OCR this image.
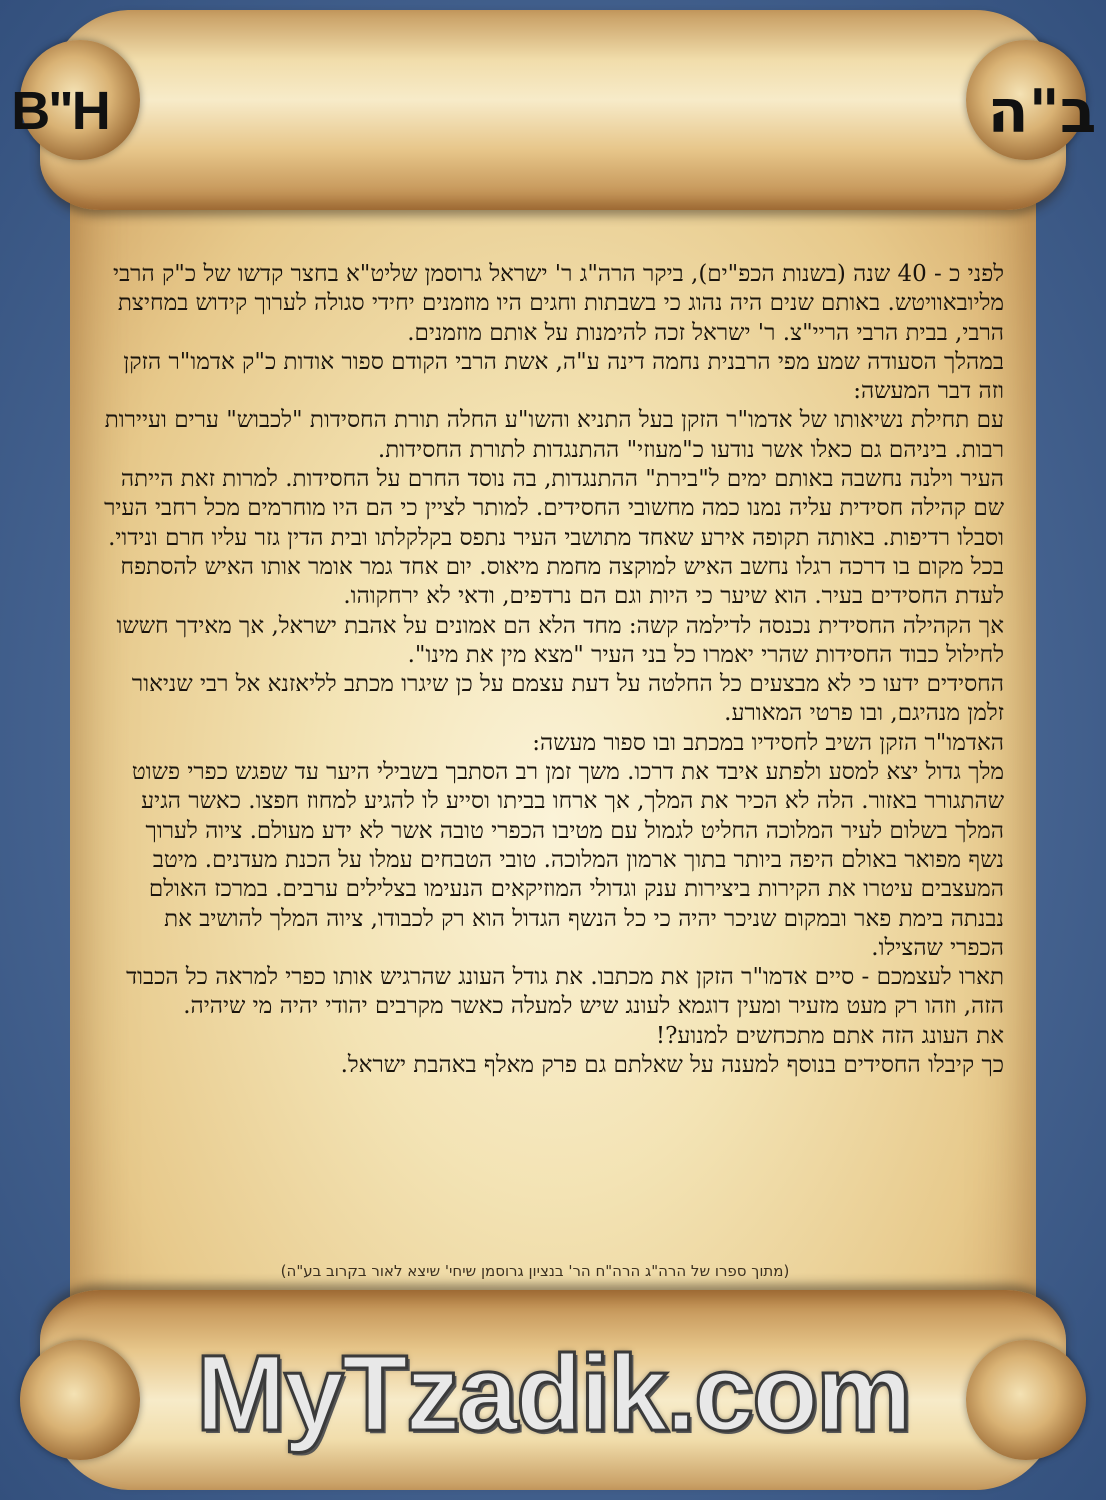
B"H	ב"ה

לפני כ - 40 שנה (בשנות הכפ"ים), ביקר הרה"ג ר' ישראל גרוסמן שליט"א בחצר קדשו של כ"ק הרבי מליובאוויטש. באותם שנים היה נהוג כי בשבתות וחגים היו מוזמנים יחידי סגולה לערוך קידוש במחיצת הרבי, בבית הרבי הריי"צ. ר' ישראל זכה להימנות על אותם מוזמנים.

במהלך הסעודה שמע מפי הרבנית נחמה דינה ע"ה, אשת הרבי הקודם ספור אודות כ"ק אדמו"ר הזקן וזה דבר המעשה:

עם תחילת נשיאותו של אדמו"ר הזקן בעל התניא והשו"ע החלה תורת החסידות "לכבוש" ערים ועיירות רבות. ביניהם גם כאלו אשר נודעו כ"מעוזי" ההתנגדות לתורת החסידות.

העיר וילנה נחשבה באותם ימים ל"בירת" ההתנגדות, בה נוסד החרם על החסידות. למרות זאת הייתה שם קהילה חסידית עליה נמנו כמה מחשובי החסידים. למותר לציין כי הם היו מוחרמים מכל רחבי העיר וסבלו רדיפות. באותה תקופה אירע שאחד מתושבי העיר נתפס בקלקלתו ובית הדין גזר עליו חרם ונידוי. בכל מקום בו דרכה רגלו נחשב האיש למוקצה מחמת מיאוס. יום אחד גמר אומר אותו האיש להסתפח לעדת החסידים בעיר. הוא שיער כי היות וגם הם נרדפים, ודאי לא ירחקוהו.

אך הקהילה החסידית נכנסה לדילמה קשה: מחד הלא הם אמונים על אהבת ישראל, אך מאידך חששו לחילול כבוד החסידות שהרי יאמרו כל בני העיר "מצא מין את מינו".

החסידים ידעו כי לא מבצעים כל החלטה על דעת עצמם על כן שיגרו מכתב לליאזנא אל רבי שניאור זלמן מנהיגם, ובו פרטי המאורע.

האדמו"ר הזקן השיב לחסידיו במכתב ובו ספור מעשה:

מלך גדול יצא למסע ולפתע איבד את דרכו. משך זמן רב הסתבך בשבילי היער עד שפגש כפרי פשוט שהתגורר באזור. הלה לא הכיר את המלך, אך ארחו בביתו וסייע לו להגיע למחוז חפצו. כאשר הגיע המלך בשלום לעיר המלוכה החליט לגמול עם מטיבו הכפרי טובה אשר לא ידע מעולם. ציוה לערוך נשף מפואר באולם היפה ביותר בתוך ארמון המלוכה. טובי הטבחים עמלו על הכנת מעדנים. מיטב המעצבים עיטרו את הקירות ביצירות ענק וגדולי המוזיקאים הנעימו בצלילים ערבים. במרכז האולם נבנתה בימת פאר ובמקום שניכר יהיה כי כל הנשף הגדול הוא רק לכבודו, ציוה המלך להושיב את הכפרי שהצילו.

תארו לעצמכם - סיים אדמו"ר הזקן את מכתבו. את גודל העונג שהרגיש אותו כפרי למראה כל הכבוד הזה, וזהו רק מעט מזעיר ומעין דוגמא לעונג שיש למעלה כאשר מקרבים יהודי יהיה מי שיהיה.

את העונג הזה אתם מתכחשים למנוע?!

כך קיבלו החסידים בנוסף למענה על שאלתם גם פרק מאלף באהבת ישראל.

(מתוך ספרו של הרה"ג הרה"ח הר' בנציון גרוסמן שיחי' שיצא לאור בקרוב בע"ה)
MyTzadik.com
